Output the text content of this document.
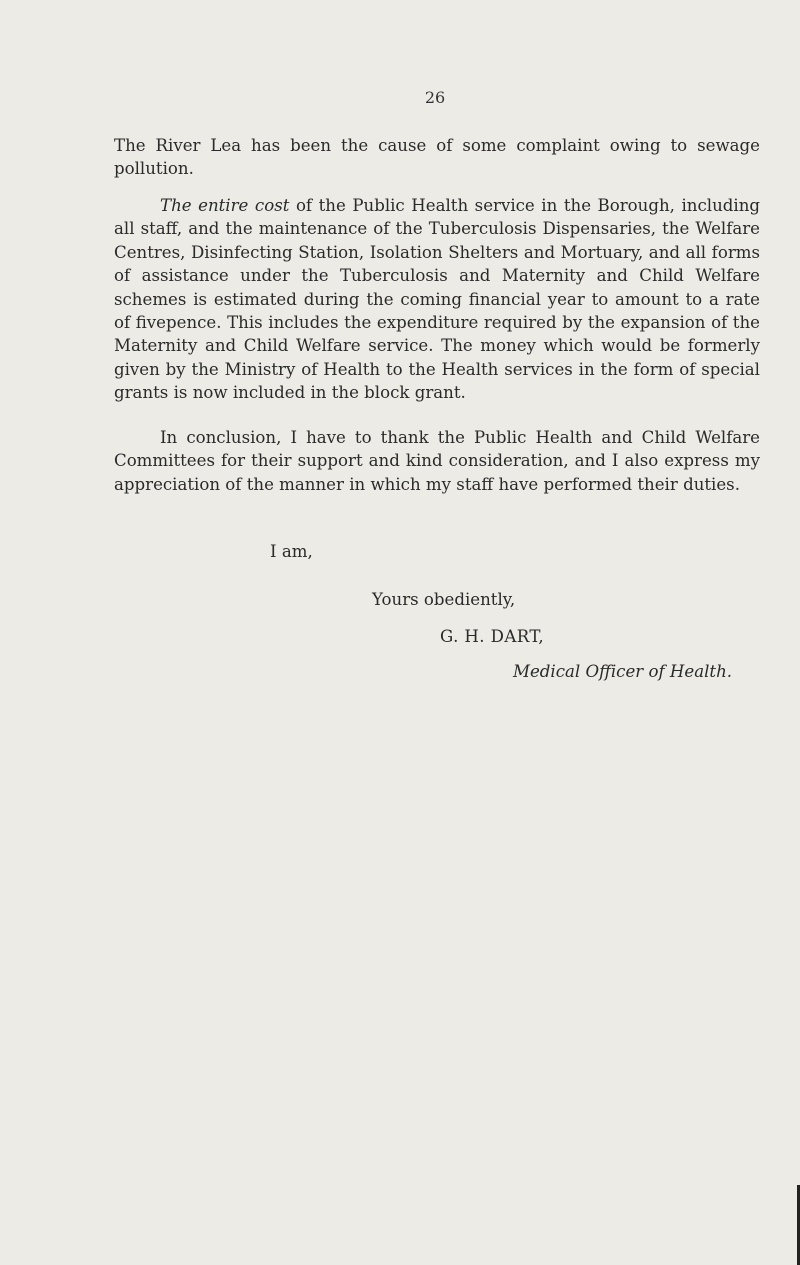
26

The River Lea has been the cause of some complaint owing to sewage pollution.

The entire cost of the Public Health service in the Borough, including all staff, and the maintenance of the Tuberculosis Dispensaries, the Welfare Centres, Disinfecting Station, Isolation Shelters and Mortuary, and all forms of assistance under the Tuberculosis and Maternity and Child Welfare schemes is estimated during the coming financial year to amount to a rate of fivepence. This includes the expenditure required by the expansion of the Maternity and Child Welfare service. The money which would be formerly given by the Ministry of Health to the Health services in the form of special grants is now included in the block grant.

In conclusion, I have to thank the Public Health and Child Welfare Committees for their support and kind consideration, and I also express my appreciation of the manner in which my staff have performed their duties.

I am,
Yours obediently,
G. H. DART,
Medical Officer of Health.
